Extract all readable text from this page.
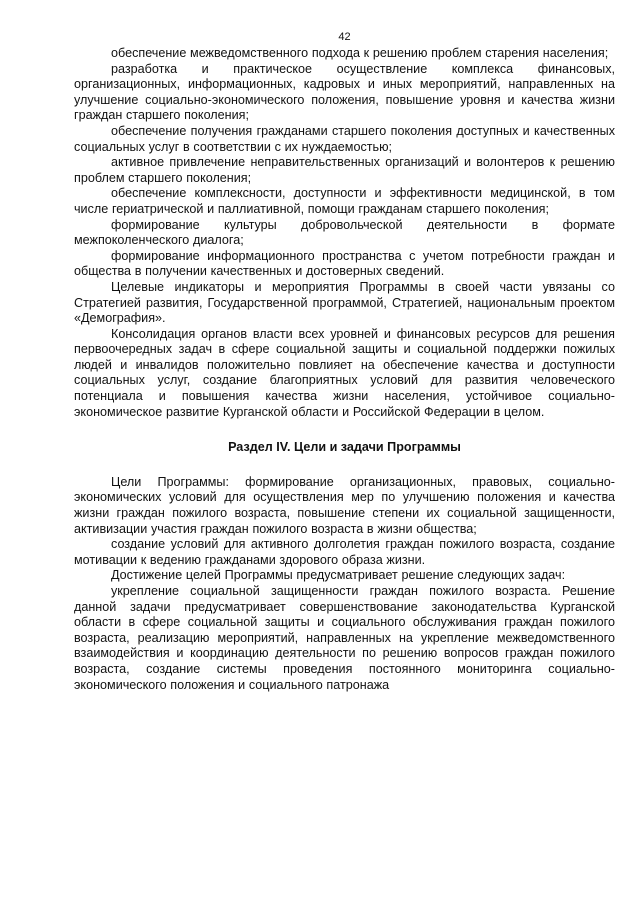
42

обеспечение межведомственного подхода к решению проблем старения населения;

разработка и практическое осуществление комплекса финансовых, организационных, информационных, кадровых и иных мероприятий, направленных на улучшение социально-экономического положения, повышение уровня и качества жизни граждан старшего поколения;

обеспечение получения гражданами старшего поколения доступных и качественных социальных услуг в соответствии с их нуждаемостью;

активное привлечение неправительственных организаций и волонтеров к решению проблем старшего поколения;

обеспечение комплексности, доступности и эффективности медицинской, в том числе гериатрической и паллиативной, помощи гражданам старшего поколения;

формирование культуры добровольческой деятельности в формате межпоколенческого диалога;

формирование информационного пространства с учетом потребности граждан и общества в получении качественных и достоверных сведений.

Целевые индикаторы и мероприятия Программы в своей части увязаны со Стратегией развития, Государственной программой, Стратегией, национальным проектом «Демография».

Консолидация органов власти всех уровней и финансовых ресурсов для решения первоочередных задач в сфере социальной защиты и социальной поддержки пожилых людей и инвалидов положительно повлияет на обеспечение качества и доступности социальных услуг, создание благоприятных условий для развития человеческого потенциала и повышения качества жизни населения, устойчивое социально-экономическое развитие Курганской области и Российской Федерации в целом.

Раздел IV. Цели и задачи Программы

Цели Программы: формирование организационных, правовых, социально-экономических условий для осуществления мер по улучшению положения и качества жизни граждан пожилого возраста, повышение степени их социальной защищенности, активизации участия граждан пожилого возраста в жизни общества;

создание условий для активного долголетия граждан пожилого возраста, создание мотивации к ведению гражданами здорового образа жизни.

Достижение целей Программы предусматривает решение следующих задач:

укрепление социальной защищенности граждан пожилого возраста. Решение данной задачи предусматривает совершенствование законодательства Курганской области в сфере социальной защиты и социального обслуживания граждан пожилого возраста, реализацию мероприятий, направленных на укрепление межведомственного взаимодействия и координацию деятельности по решению вопросов граждан пожилого возраста, создание системы проведения постоянного мониторинга социально-экономического положения и социального патронажа
